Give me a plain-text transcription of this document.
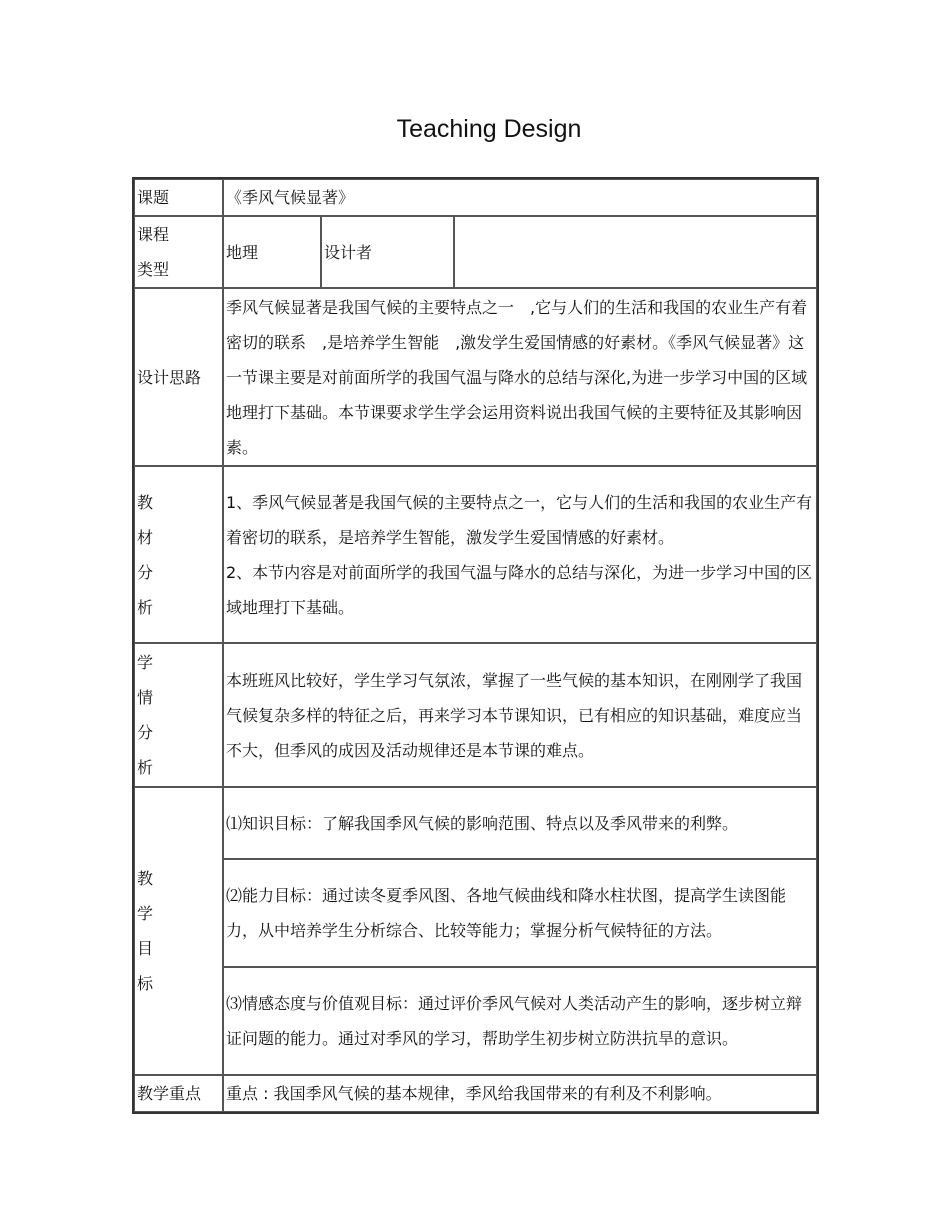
Teaching Design
课题	《季风气候显著》		

课程
类型	地理	设计者	
设计思路	季风气候显著是我国气候的主要特点之一　,它与人们的生活和我国的农业生产有着密切的联系　,是培养学生智能　,激发学生爱国情感的好素材。《季风气候显著》这一节课主要是对前面所学的我国气温与降水的总结与深化,为进一步学习中国的区域地理打下基础。本节课要求学生学会运用资料说出我国气候的主要特征及其影响因素。		

教
材
分
析	1、季风气候显著是我国气候的主要特点之一，它与人们的生活和我国的农业生产有着密切的联系，是培养学生智能，激发学生爱国情感的好素材。
2、本节内容是对前面所学的我国气温与降水的总结与深化，为进一步学习中国的区域地理打下基础。		

学
情
分
析	本班班风比较好，学生学习气氛浓，掌握了一些气候的基本知识，在刚刚学了我国气候复杂多样的特征之后，再来学习本节课知识，已有相应的知识基础，难度应当不大，但季风的成因及活动规律还是本节课的难点。		

教
学
目
标	⑴知识目标：了解我国季风气候的影响范围、特点以及季风带来的利弊。		
	⑵能力目标：通过读冬夏季风图、各地气候曲线和降水柱状图，提高学生读图能力，从中培养学生分析综合、比较等能力；掌握分析气候特征的方法。		
	⑶情感态度与价值观目标：通过评价季风气候对人类活动产生的影响，逐步树立辩证问题的能力。通过对季风的学习，帮助学生初步树立防洪抗旱的意识。		
教学重点	重点 : 我国季风气候的基本规律，季风给我国带来的有利及不利影响。		
